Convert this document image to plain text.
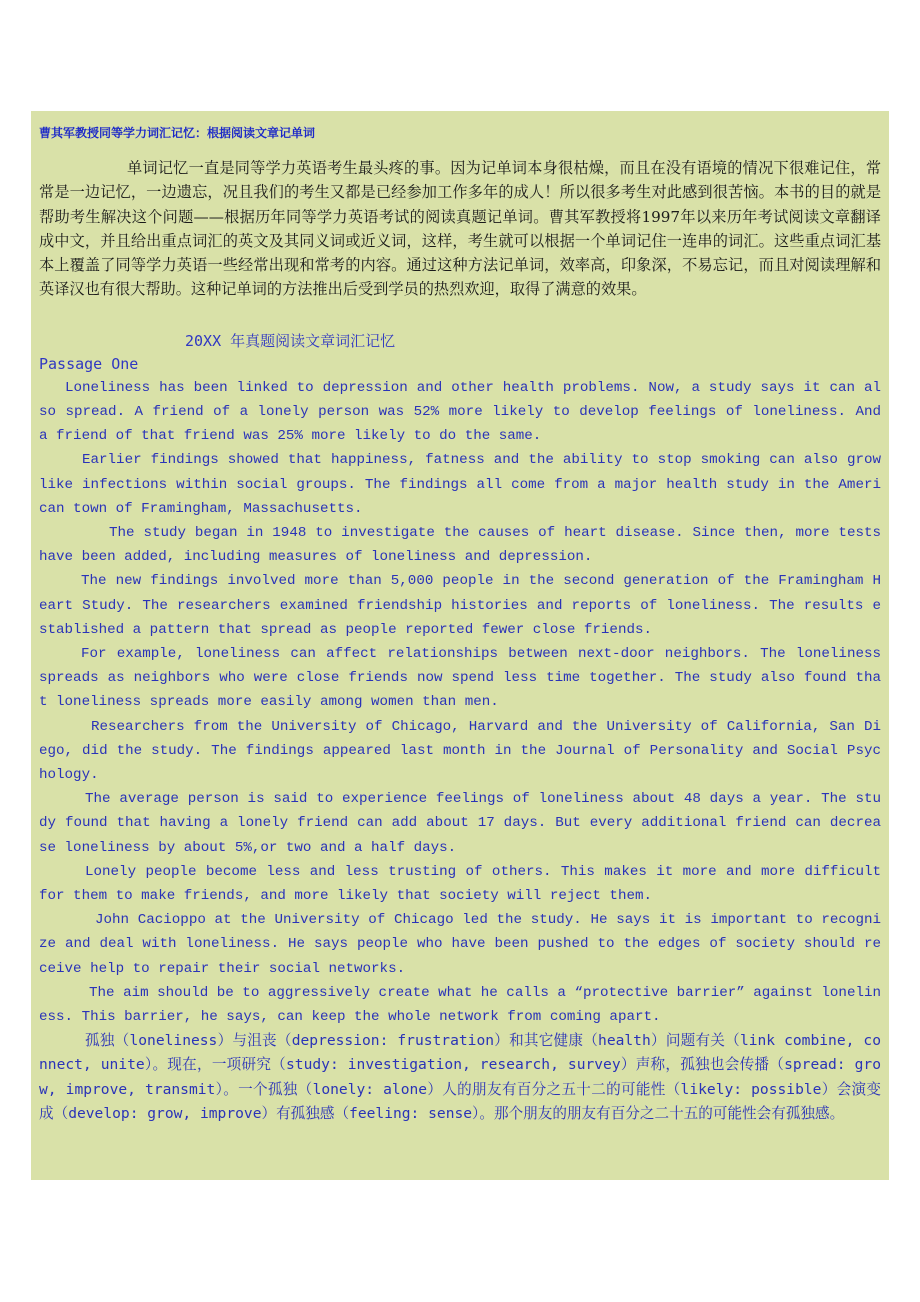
曹其军教授同等学力词汇记忆：根据阅读文章记单词
单词记忆一直是同等学力英语考生最头疼的事。因为记单词本身很枯燥，而且在没有语境的情况下很难记住，常常是一边记忆，一边遗忘，况且我们的考生又都是已经参加工作多年的成人！所以很多考生对此感到很苦恼。本书的目的就是帮助考生解决这个问题——根据历年同等学力英语考试的阅读真题记单词。曹其军教授将1997年以来历年考试阅读文章翻译成中文，并且给出重点词汇的英文及其同义词或近义词，这样，考生就可以根据一个单词记住一连串的词汇。这些重点词汇基本上覆盖了同等学力英语一些经常出现和常考的内容。通过这种方法记单词，效率高，印象深，不易忘记，而且对阅读理解和英译汉也有很大帮助。这种记单词的方法推出后受到学员的热烈欢迎，取得了满意的效果。
20XX 年真题阅读文章词汇记忆
Passage One

Loneliness has been linked to depression and other health problems. Now, a study says it can also spread. A friend of a lonely person was 52% more likely to develop feelings of loneliness. And a friend of that friend was 25% more likely to do the same.

Earlier findings showed that happiness, fatness and the ability to stop smoking can also grow like infections within social groups. The findings all come from a major health study in the American town of Framingham, Massachusetts.

The study began in 1948 to investigate the causes of heart disease. Since then, more tests have been added, including measures of loneliness and depression.

The new findings involved more than 5,000 people in the second generation of the Framingham Heart Study. The researchers examined friendship histories and reports of loneliness. The results established a pattern that spread as people reported fewer close friends.

For example, loneliness can affect relationships between next-door neighbors. The loneliness spreads as neighbors who were close friends now spend less time together. The study also found that loneliness spreads more easily among women than men.

Researchers from the University of Chicago, Harvard and the University of California, San Diego, did the study. The findings appeared last month in the Journal of Personality and Social Psychology.

The average person is said to experience feelings of loneliness about 48 days a year. The study found that having a lonely friend can add about 17 days. But every additional friend can decrease loneliness by about 5%,or two and a half days.

Lonely people become less and less trusting of others. This makes it more and more difficult for them to make friends, and more likely that society will reject them.

John Cacioppo at the University of Chicago led the study. He says it is important to recognize and deal with loneliness. He says people who have been pushed to the edges of society should receive help to repair their social networks.

The aim should be to aggressively create what he calls a “protective barrier” against loneliness. This barrier, he says, can keep the whole network from coming apart.

孤独（loneliness）与沮丧（depression: frustration）和其它健康（health）问题有关（link combine, connect, unite）。现在，一项研究（study: investigation, research, survey）声称，孤独也会传播（spread: grow, improve, transmit）。一个孤独（lonely: alone）人的朋友有百分之五十二的可能性（likely: possible）会演变成（develop: grow, improve）有孤独感（feeling: sense）。那个朋友的朋友有百分之二十五的可能性会有孤独感。
